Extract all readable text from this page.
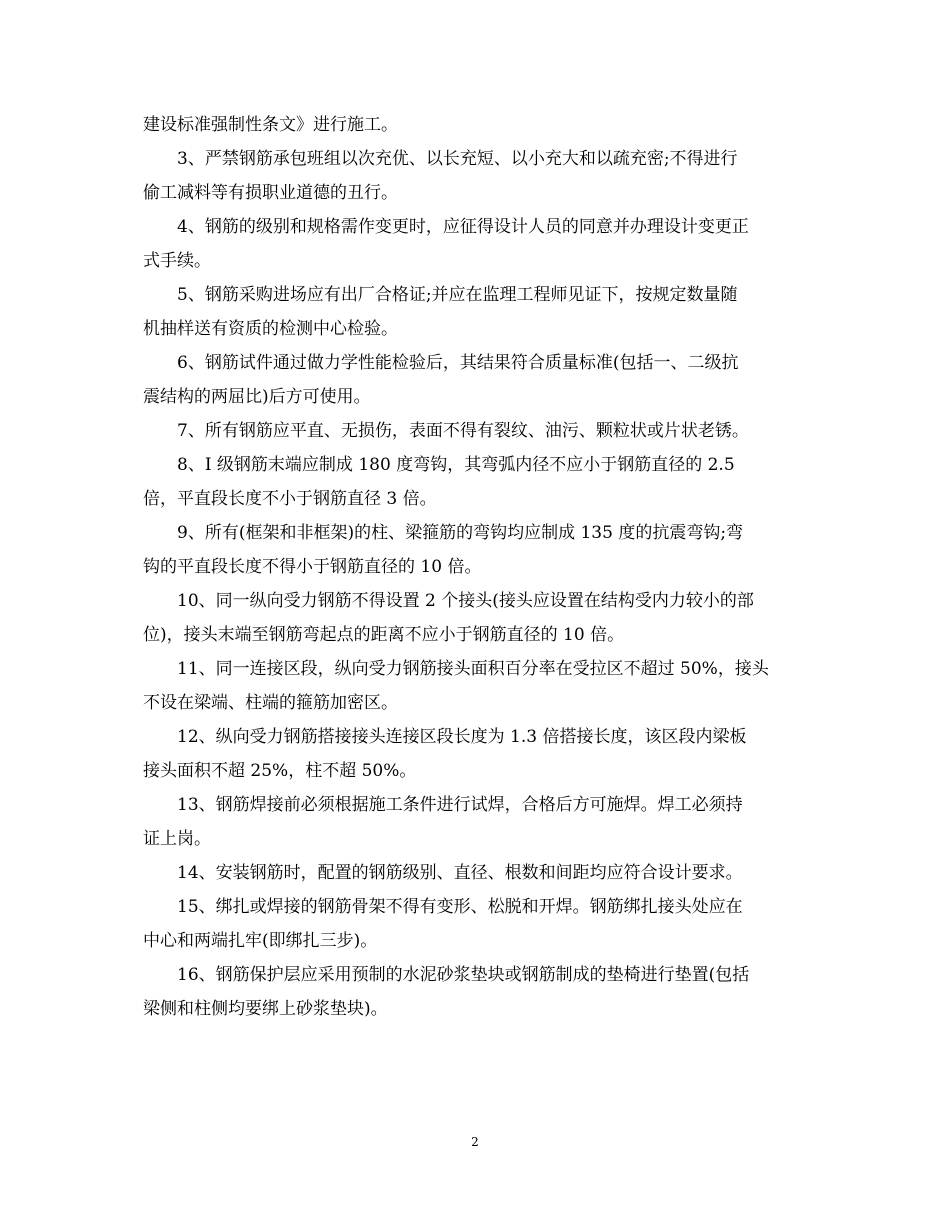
建设标准强制性条文》进行施工。
3、严禁钢筋承包班组以次充优、以长充短、以小充大和以疏充密;不得进行
偷工减料等有损职业道德的丑行。
4、钢筋的级别和规格需作变更时，应征得设计人员的同意并办理设计变更正
式手续。
5、钢筋采购进场应有出厂合格证;并应在监理工程师见证下，按规定数量随
机抽样送有资质的检测中心检验。
6、钢筋试件通过做力学性能检验后，其结果符合质量标准(包括一、二级抗
震结构的两屈比)后方可使用。
7、所有钢筋应平直、无损伤，表面不得有裂纹、油污、颗粒状或片状老锈。
8、I 级钢筋末端应制成 180 度弯钩，其弯弧内径不应小于钢筋直径的 2.5
倍，平直段长度不小于钢筋直径 3 倍。
9、所有(框架和非框架)的柱、梁箍筋的弯钩均应制成 135 度的抗震弯钩;弯
钩的平直段长度不得小于钢筋直径的 10 倍。
10、同一纵向受力钢筋不得设置 2 个接头(接头应设置在结构受内力较小的部
位)，接头末端至钢筋弯起点的距离不应小于钢筋直径的 10 倍。
11、同一连接区段，纵向受力钢筋接头面积百分率在受拉区不超过 50%，接头
不设在梁端、柱端的箍筋加密区。
12、纵向受力钢筋搭接接头连接区段长度为 1.3 倍搭接长度，该区段内梁板
接头面积不超 25%，柱不超 50%。
13、钢筋焊接前必须根据施工条件进行试焊，合格后方可施焊。焊工必须持
证上岗。
14、安装钢筋时，配置的钢筋级别、直径、根数和间距均应符合设计要求。
15、绑扎或焊接的钢筋骨架不得有变形、松脱和开焊。钢筋绑扎接头处应在
中心和两端扎牢(即绑扎三步)。
16、钢筋保护层应采用预制的水泥砂浆垫块或钢筋制成的垫椅进行垫置(包括
梁侧和柱侧均要绑上砂浆垫块)。
2
